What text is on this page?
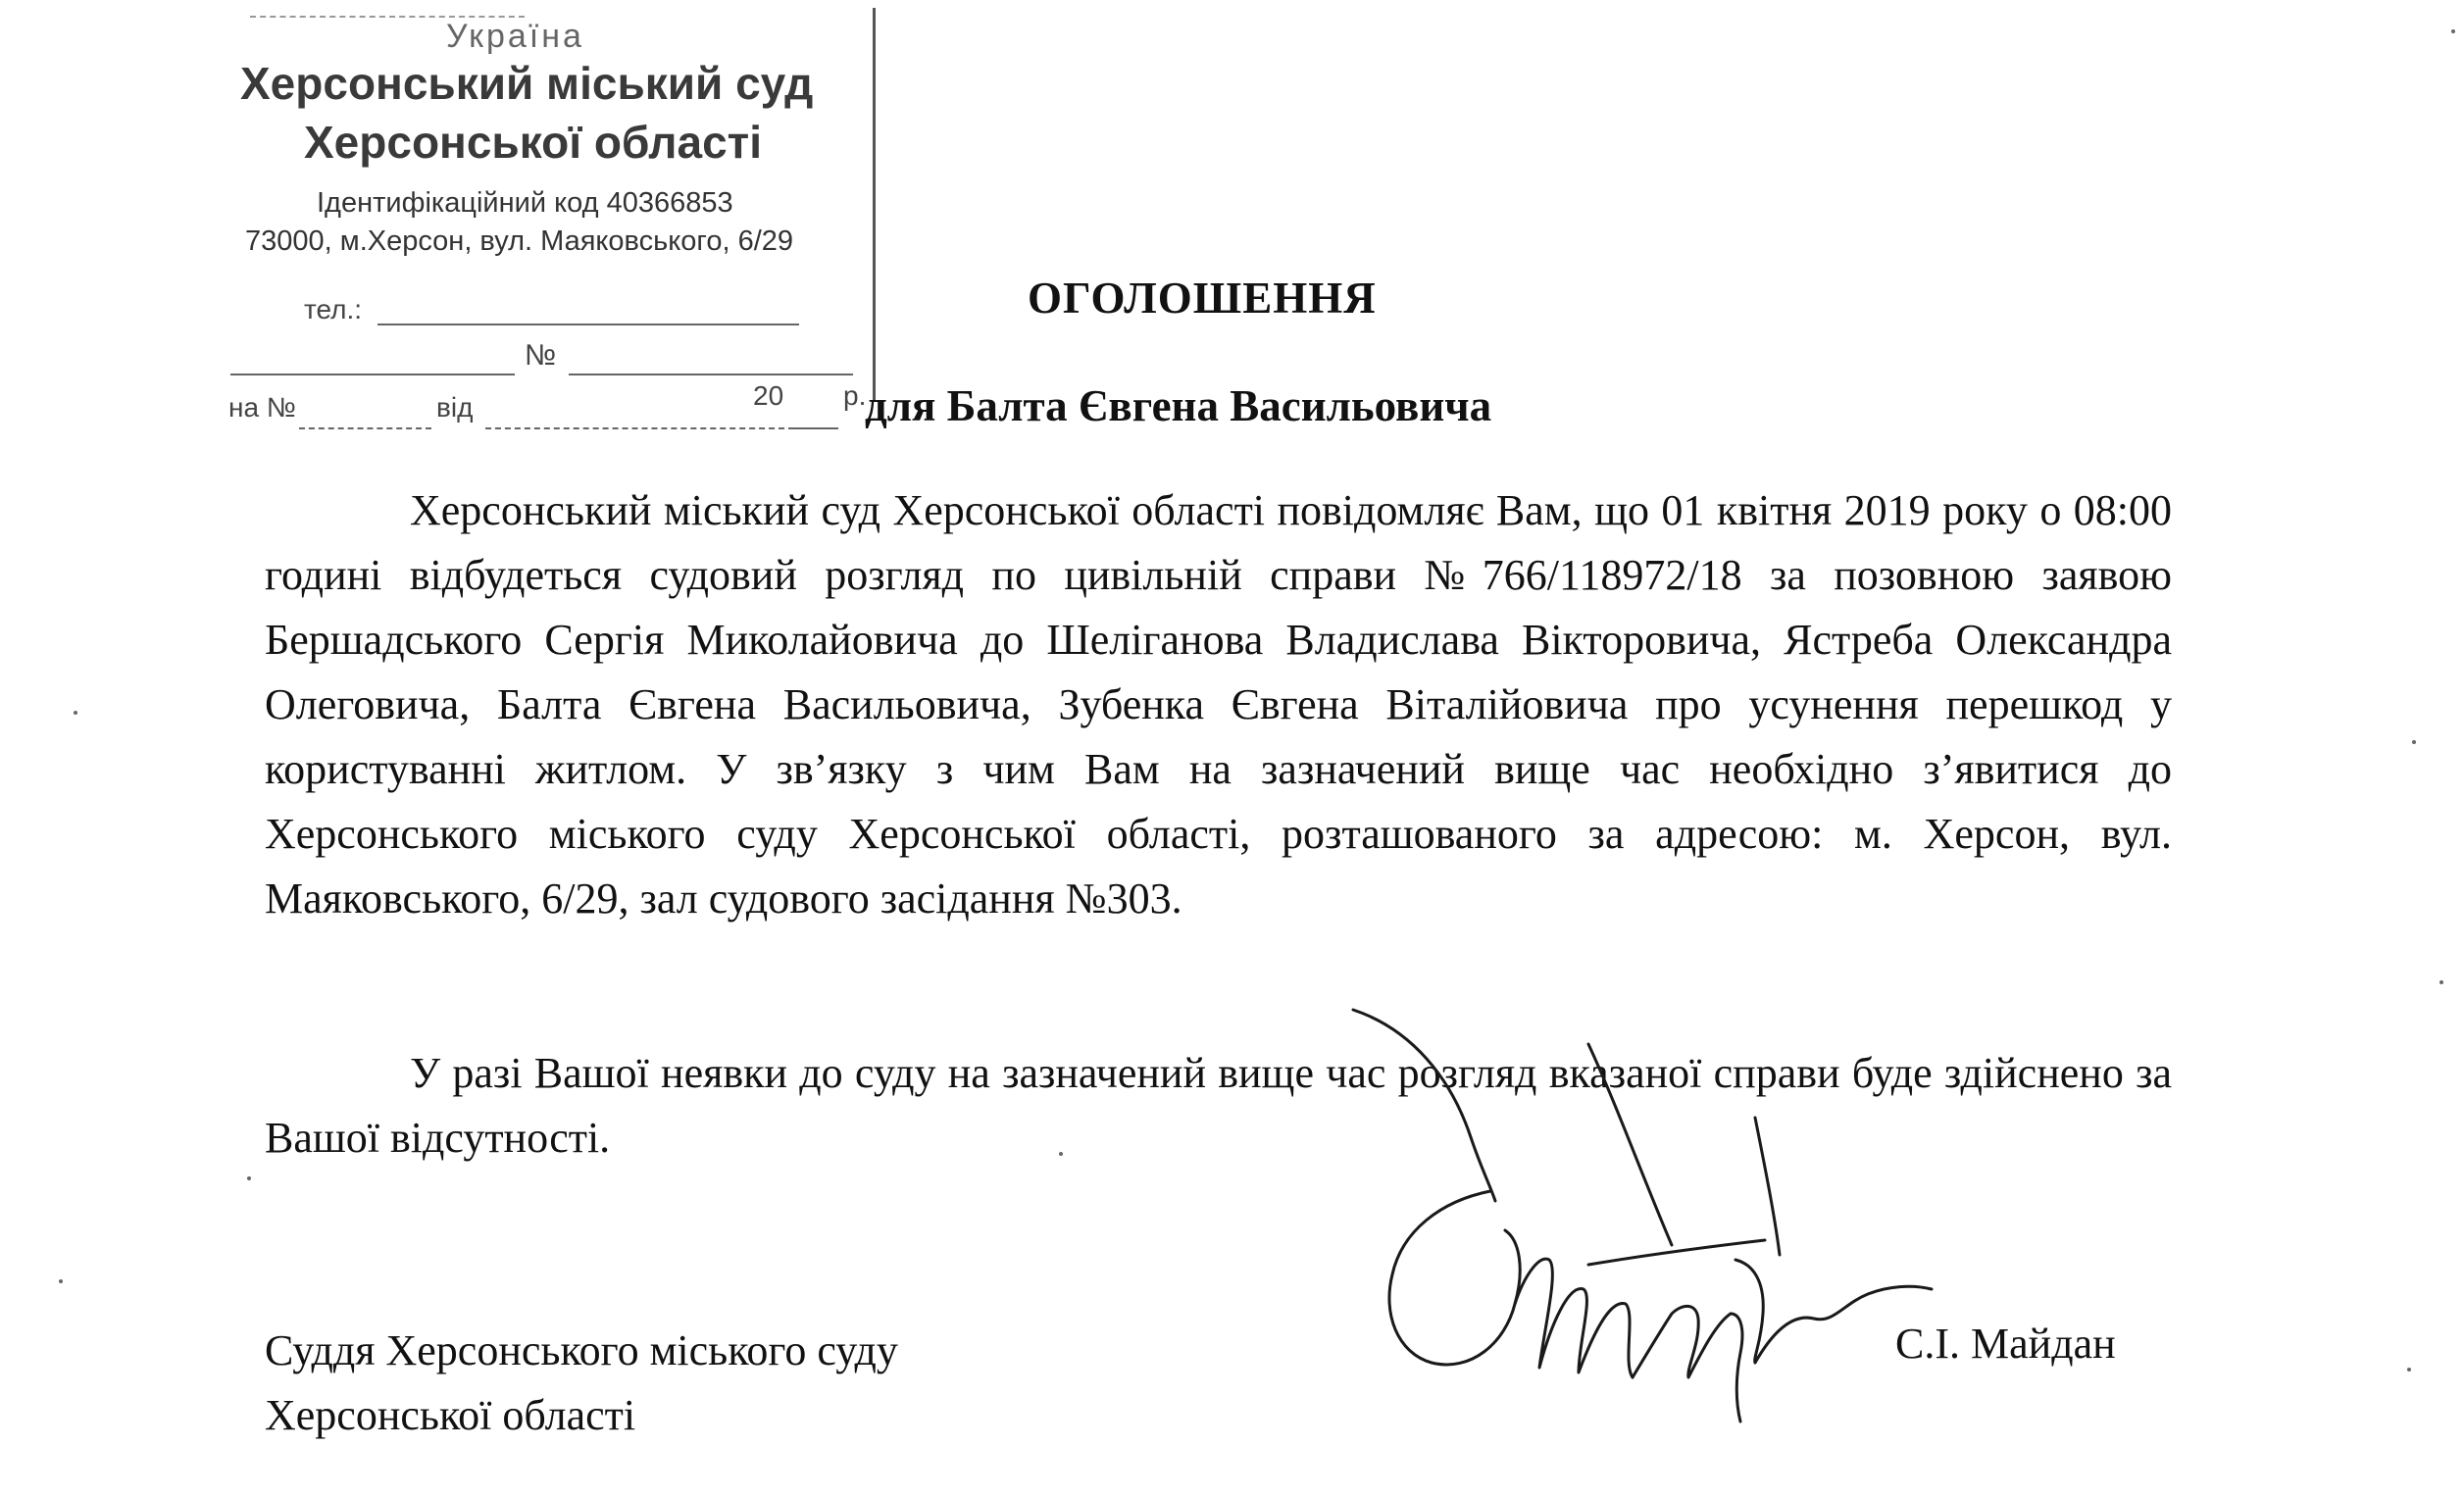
Україна
Херсонський міський суд
Херсонської області
Ідентифікаційний код 40366853
73000, м.Херсон, вул. Маяковського, 6/29
тел.:
№
на №	від	20 р.
ОГОЛОШЕННЯ
для Балта Євгена Васильовича

Херсонський міський суд Херсонської області повідомляє Вам, що 01 квітня 2019 року о 08:00 годині відбудеться судовий розгляд по цивільній справи №766/118972/18 за позовною заявою Бершадського Сергія Миколайовича до Шеліганова Владислава Вікторовича, Ястреба Олександра Олеговича, Балта Євгена Васильовича, Зубенка Євгена Віталійовича про усунення перешкод у користуванні житлом. У зв’язку з чим Вам на зазначений вище час необхідно з’явитися до Херсонського міського суду Херсонської області, розташованого за адресою: м. Херсон, вул. Маяковського, 6/29, зал судового засідання №303.

У разі Вашої неявки до суду на зазначений вище час розгляд вказаної справи буде здійснено за Вашої відсутності.

Суддя Херсонського міського суду
Херсонської області
С.І. Майдан
